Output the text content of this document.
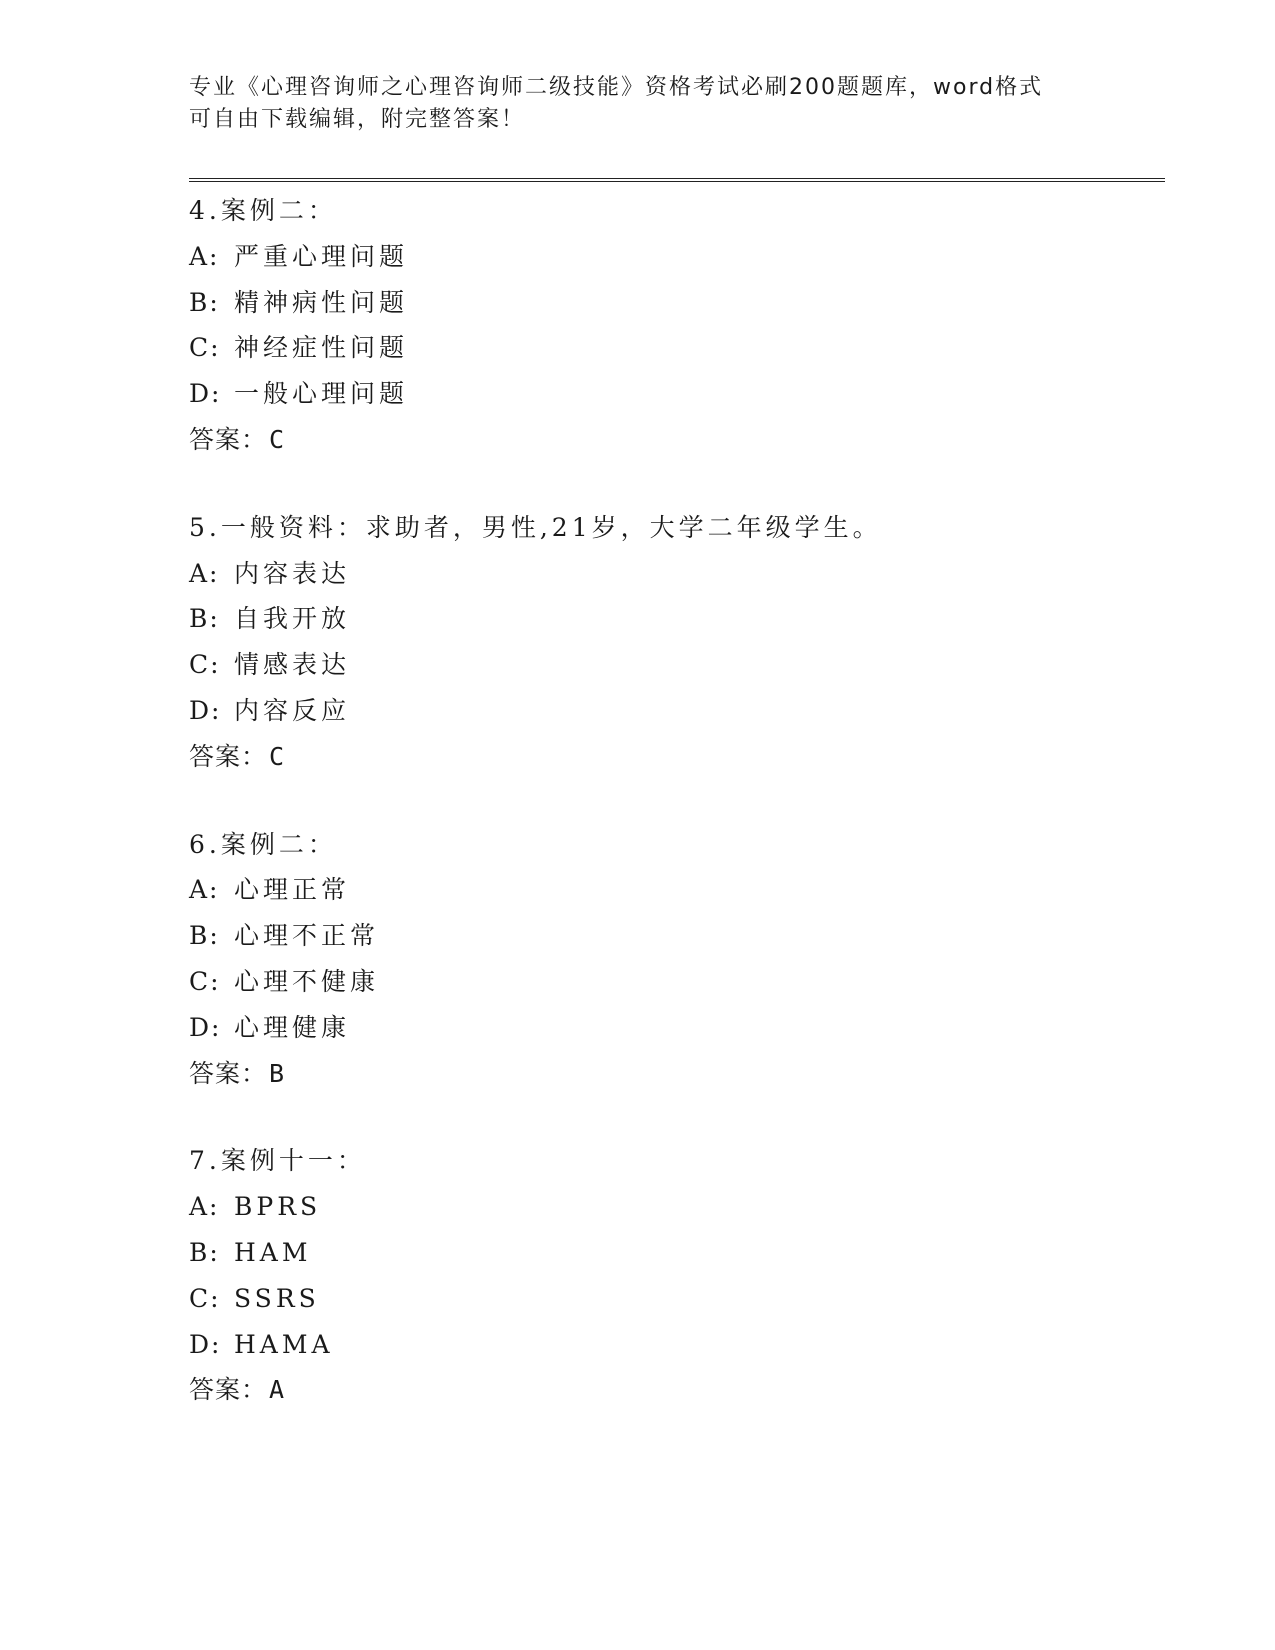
专业《心理咨询师之心理咨询师二级技能》资格考试必刷200题题库，word格式
可自由下载编辑，附完整答案！
4.案例二：
A: 严重心理问题
B: 精神病性问题
C: 神经症性问题
D: 一般心理问题
答案：C
5.一般资料：求助者，男性,21岁，大学二年级学生。
A: 内容表达
B: 自我开放
C: 情感表达
D: 内容反应
答案：C
6.案例二：
A: 心理正常
B: 心理不正常
C: 心理不健康
D: 心理健康
答案：B
7.案例十一：
A: BPRS
B: HAM
C: SSRS
D: HAMA
答案：A
